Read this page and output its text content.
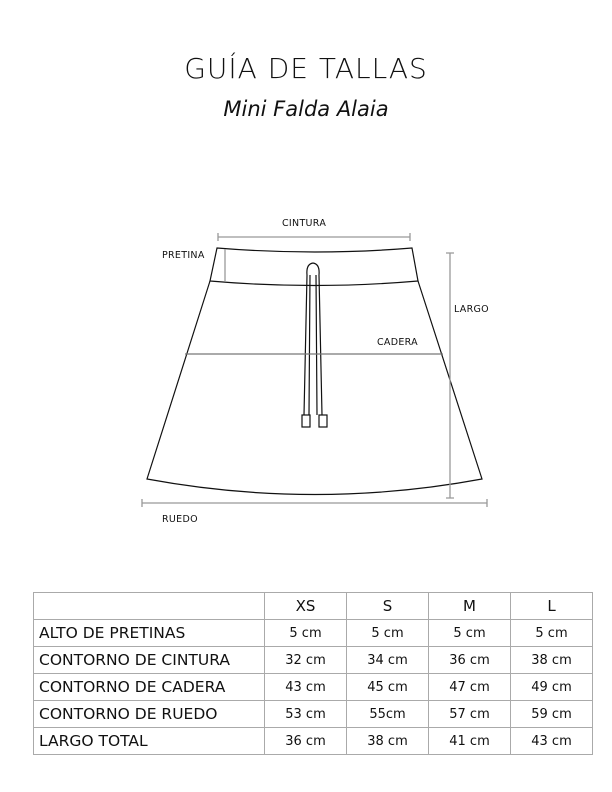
GUÍA DE TALLAS
Mini Falda Alaia
CINTURA
PRETINA
LARGO
CADERA
RUEDO
	XS	S	M	L
ALTO DE PRETINAS	5 cm	5 cm	5 cm	5 cm
CONTORNO DE CINTURA	32 cm	34 cm	36 cm	38 cm
CONTORNO DE CADERA	43 cm	45 cm	47 cm	49 cm
CONTORNO DE RUEDO	53 cm	55cm	57 cm	59 cm
LARGO TOTAL	36 cm	38 cm	41 cm	43 cm
